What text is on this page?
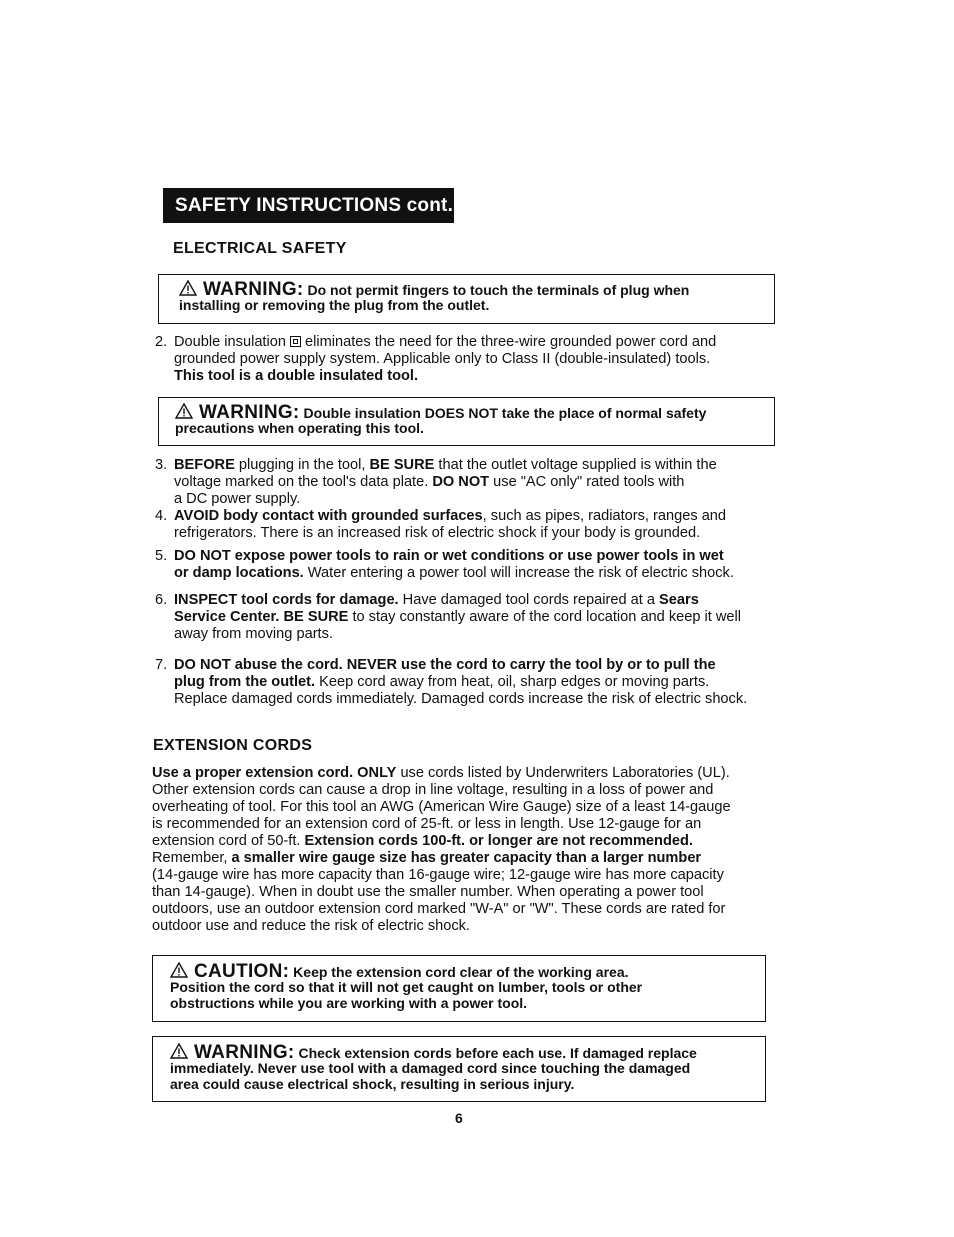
SAFETY INSTRUCTIONS cont.
ELECTRICAL SAFETY
WARNING: Do not permit fingers to touch the terminals of plug when
installing or removing the plug from the outlet.
2. Double insulation eliminates the need for the three-wire grounded power cord and
grounded power supply system. Applicable only to Class II (double-insulated) tools.
This tool is a double insulated tool.
WARNING: Double insulation DOES NOT take the place of normal safety
precautions when operating this tool.
3. BEFORE plugging in the tool, BE SURE that the outlet voltage supplied is within the
voltage marked on the tool's data plate. DO NOT use "AC only" rated tools with
a DC power supply.
4. AVOID body contact with grounded surfaces, such as pipes, radiators, ranges and
refrigerators. There is an increased risk of electric shock if your body is grounded.
5. DO NOT expose power tools to rain or wet conditions or use power tools in wet
or damp locations. Water entering a power tool will increase the risk of electric shock.
6. INSPECT tool cords for damage. Have damaged tool cords repaired at a Sears
Service Center. BE SURE to stay constantly aware of the cord location and keep it well
away from moving parts.
7. DO NOT abuse the cord. NEVER use the cord to carry the tool by or to pull the
plug from the outlet. Keep cord away from heat, oil, sharp edges or moving parts.
Replace damaged cords immediately. Damaged cords increase the risk of electric shock.
EXTENSION CORDS
Use a proper extension cord. ONLY use cords listed by Underwriters Laboratories (UL).
Other extension cords can cause a drop in line voltage, resulting in a loss of power and
overheating of tool. For this tool an AWG (American Wire Gauge) size of a least 14-gauge
is recommended for an extension cord of 25-ft. or less in length. Use 12-gauge for an
extension cord of 50-ft. Extension cords 100-ft. or longer are not recommended.
Remember, a smaller wire gauge size has greater capacity than a larger number
(14-gauge wire has more capacity than 16-gauge wire; 12-gauge wire has more capacity
than 14-gauge). When in doubt use the smaller number. When operating a power tool
outdoors, use an outdoor extension cord marked "W-A" or "W". These cords are rated for
outdoor use and reduce the risk of electric shock.
CAUTION: Keep the extension cord clear of the working area.
Position the cord so that it will not get caught on lumber, tools or other
obstructions while you are working with a power tool.
WARNING: Check extension cords before each use. If damaged replace
immediately. Never use tool with a damaged cord since touching the damaged
area could cause electrical shock, resulting in serious injury.
6
